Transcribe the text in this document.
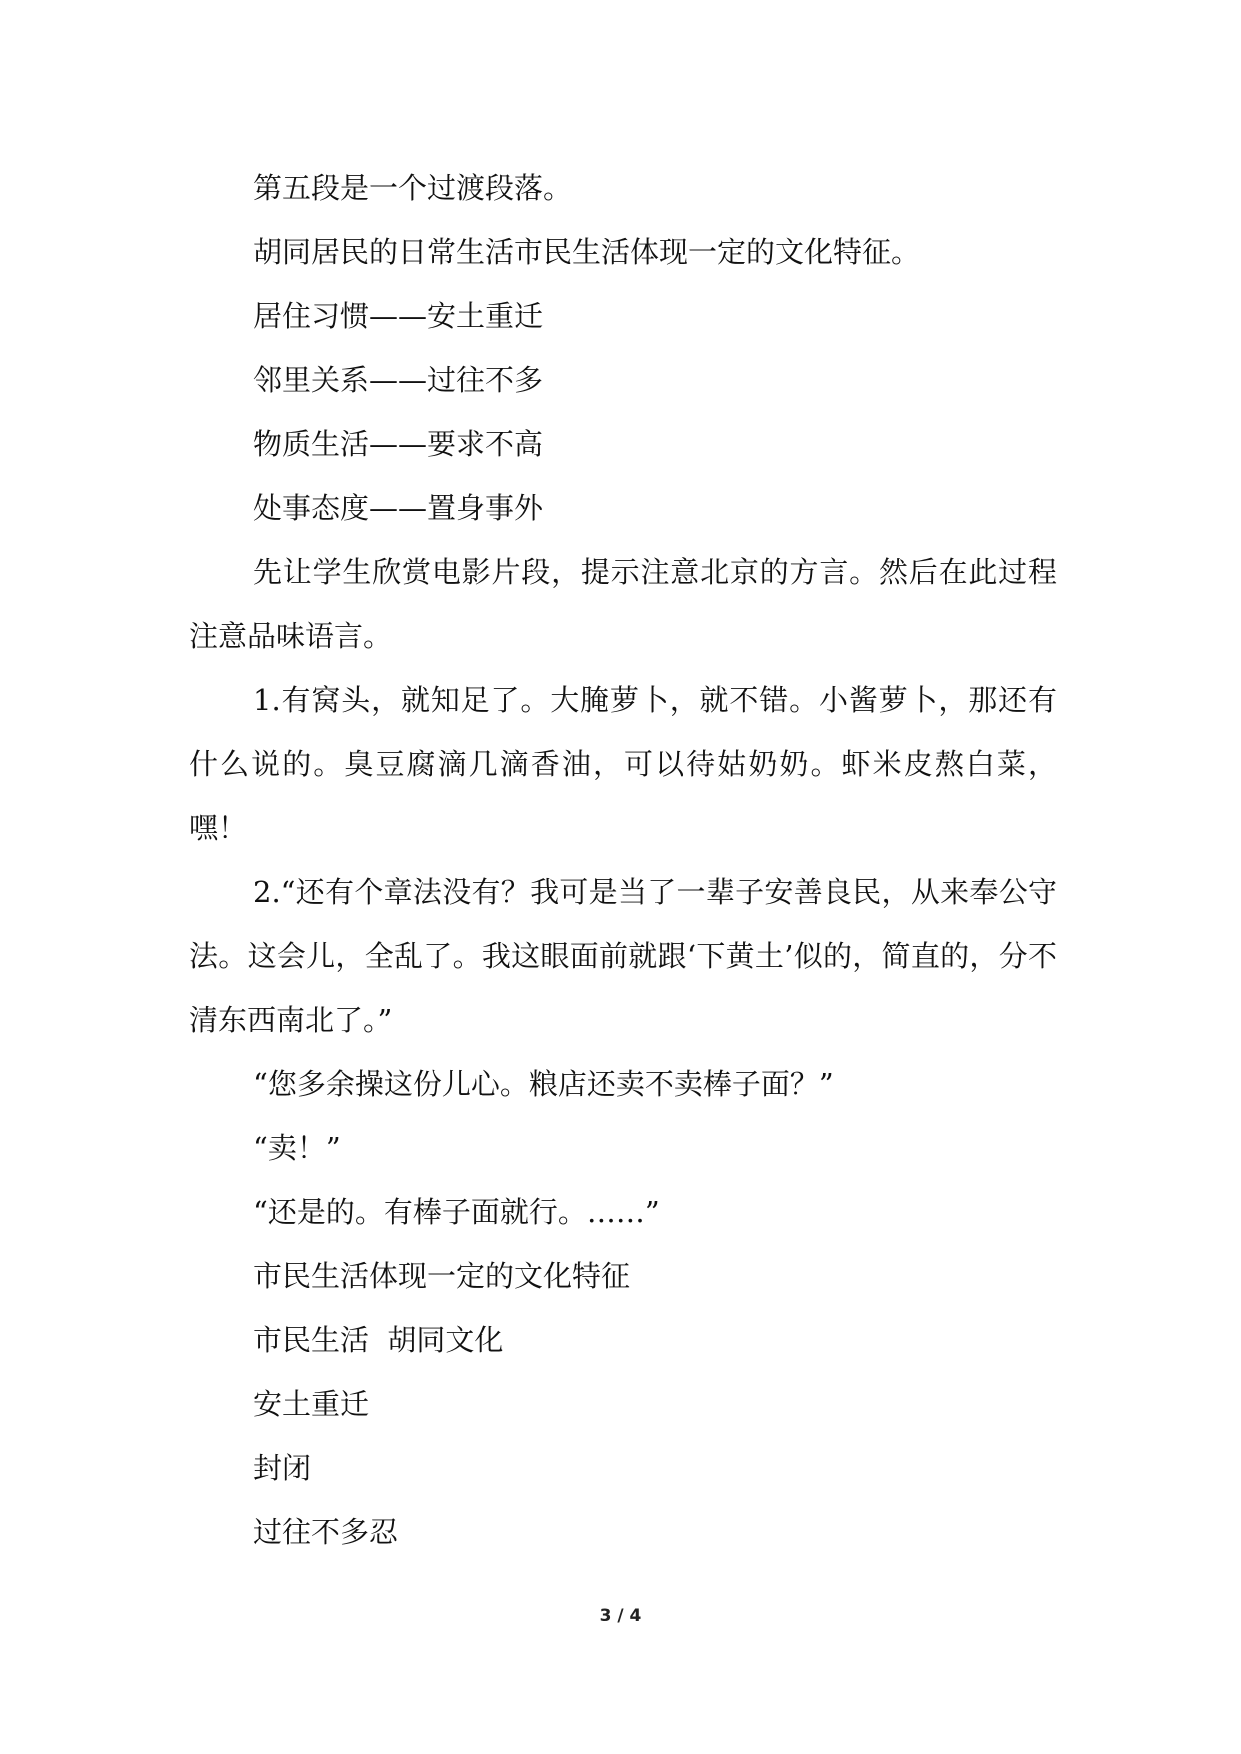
第五段是一个过渡段落。

胡同居民的日常生活市民生活体现一定的文化特征。

居住习惯——安土重迁

邻里关系——过往不多

物质生活——要求不高

处事态度——置身事外

先让学生欣赏电影片段，提示注意北京的方言。然后在此过程注意品味语言。

1.有窝头，就知足了。大腌萝卜，就不错。小酱萝卜，那还有什么说的。臭豆腐滴几滴香油，可以待姑奶奶。虾米皮熬白菜，嘿！

2.“还有个章法没有？我可是当了一辈子安善良民，从来奉公守法。这会儿，全乱了。我这眼面前就跟‘下黄土’似的，简直的，分不清东西南北了。”

“您多余操这份儿心。粮店还卖不卖棒子面？”

“卖！”

“还是的。有棒子面就行。……”

市民生活体现一定的文化特征

市民生活  胡同文化

安土重迁

封闭

过往不多忍

3 / 4
